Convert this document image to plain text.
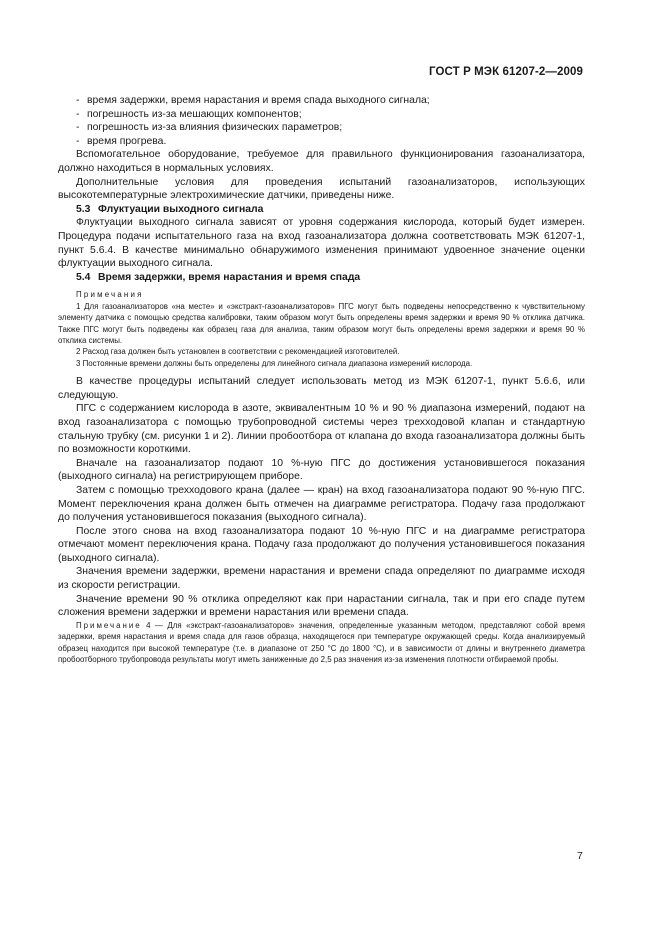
ГОСТ Р МЭК 61207-2—2009

- время задержки, время нарастания и время спада выходного сигнала;

- погрешность из-за мешающих компонентов;

- погрешность из-за влияния физических параметров;

- время прогрева.

Вспомогательное оборудование, требуемое для правильного функционирования газоанализатора, должно находиться в нормальных условиях.

Дополнительные условия для проведения испытаний газоанализаторов, использующих высокотемпературные электрохимические датчики, приведены ниже.

5.3 Флуктуации выходного сигнала

Флуктуации выходного сигнала зависят от уровня содержания кислорода, который будет измерен. Процедура подачи испытательного газа на вход газоанализатора должна соответствовать МЭК 61207-1, пункт 5.6.4. В качестве минимально обнаружимого изменения принимают удвоенное значение оценки флуктуации выходного сигнала.

5.4 Время задержки, время нарастания и время спада

Примечания

1 Для газоанализаторов «на месте» и «экстракт-газоанализаторов» ПГС могут быть подведены непосредственно к чувствительному элементу датчика с помощью средства калибровки, таким образом могут быть определены время задержки и время 90 % отклика датчика. Также ПГС могут быть подведены как образец газа для анализа, таким образом могут быть определены время задержки и время 90 % отклика системы.

2 Расход газа должен быть установлен в соответствии с рекомендацией изготовителей.

3 Постоянные времени должны быть определены для линейного сигнала диапазона измерений кислорода.

В качестве процедуры испытаний следует использовать метод из МЭК 61207-1, пункт 5.6.6, или следующую.

ПГС с содержанием кислорода в азоте, эквивалентным 10 % и 90 % диапазона измерений, подают на вход газоанализатора с помощью трубопроводной системы через трехходовой клапан и стандартную стальную трубку (см. рисунки 1 и 2). Линии пробоотбора от клапана до входа газоанализатора должны быть по возможности короткими.

Вначале на газоанализатор подают 10 %-ную ПГС до достижения установившегося показания (выходного сигнала) на регистрирующем приборе.

Затем с помощью трехходового крана (далее — кран) на вход газоанализатора подают 90 %-ную ПГС. Момент переключения крана должен быть отмечен на диаграмме регистратора. Подачу газа продолжают до получения установившегося показания (выходного сигнала).

После этого снова на вход газоанализатора подают 10 %-ную ПГС и на диаграмме регистратора отмечают момент переключения крана. Подачу газа продолжают до получения установившегося показания (выходного сигнала).

Значения времени задержки, времени нарастания и времени спада определяют по диаграмме исходя из скорости регистрации.

Значение времени 90 % отклика определяют как при нарастании сигнала, так и при его спаде путем сложения времени задержки и времени нарастания или времени спада.

Примечание 4 — Для «экстракт-газоанализаторов» значения, определенные указанным методом, представляют собой время задержки, время нарастания и время спада для газов образца, находящегося при температуре окружающей среды. Когда анализируемый образец находится при высокой температуре (т.е. в диапазоне от 250 °С до 1800 °С), и в зависимости от длины и внутреннего диаметра пробоотборного трубопровода результаты могут иметь заниженные до 2,5 раз значения из-за изменения плотности отбираемой пробы.

7
